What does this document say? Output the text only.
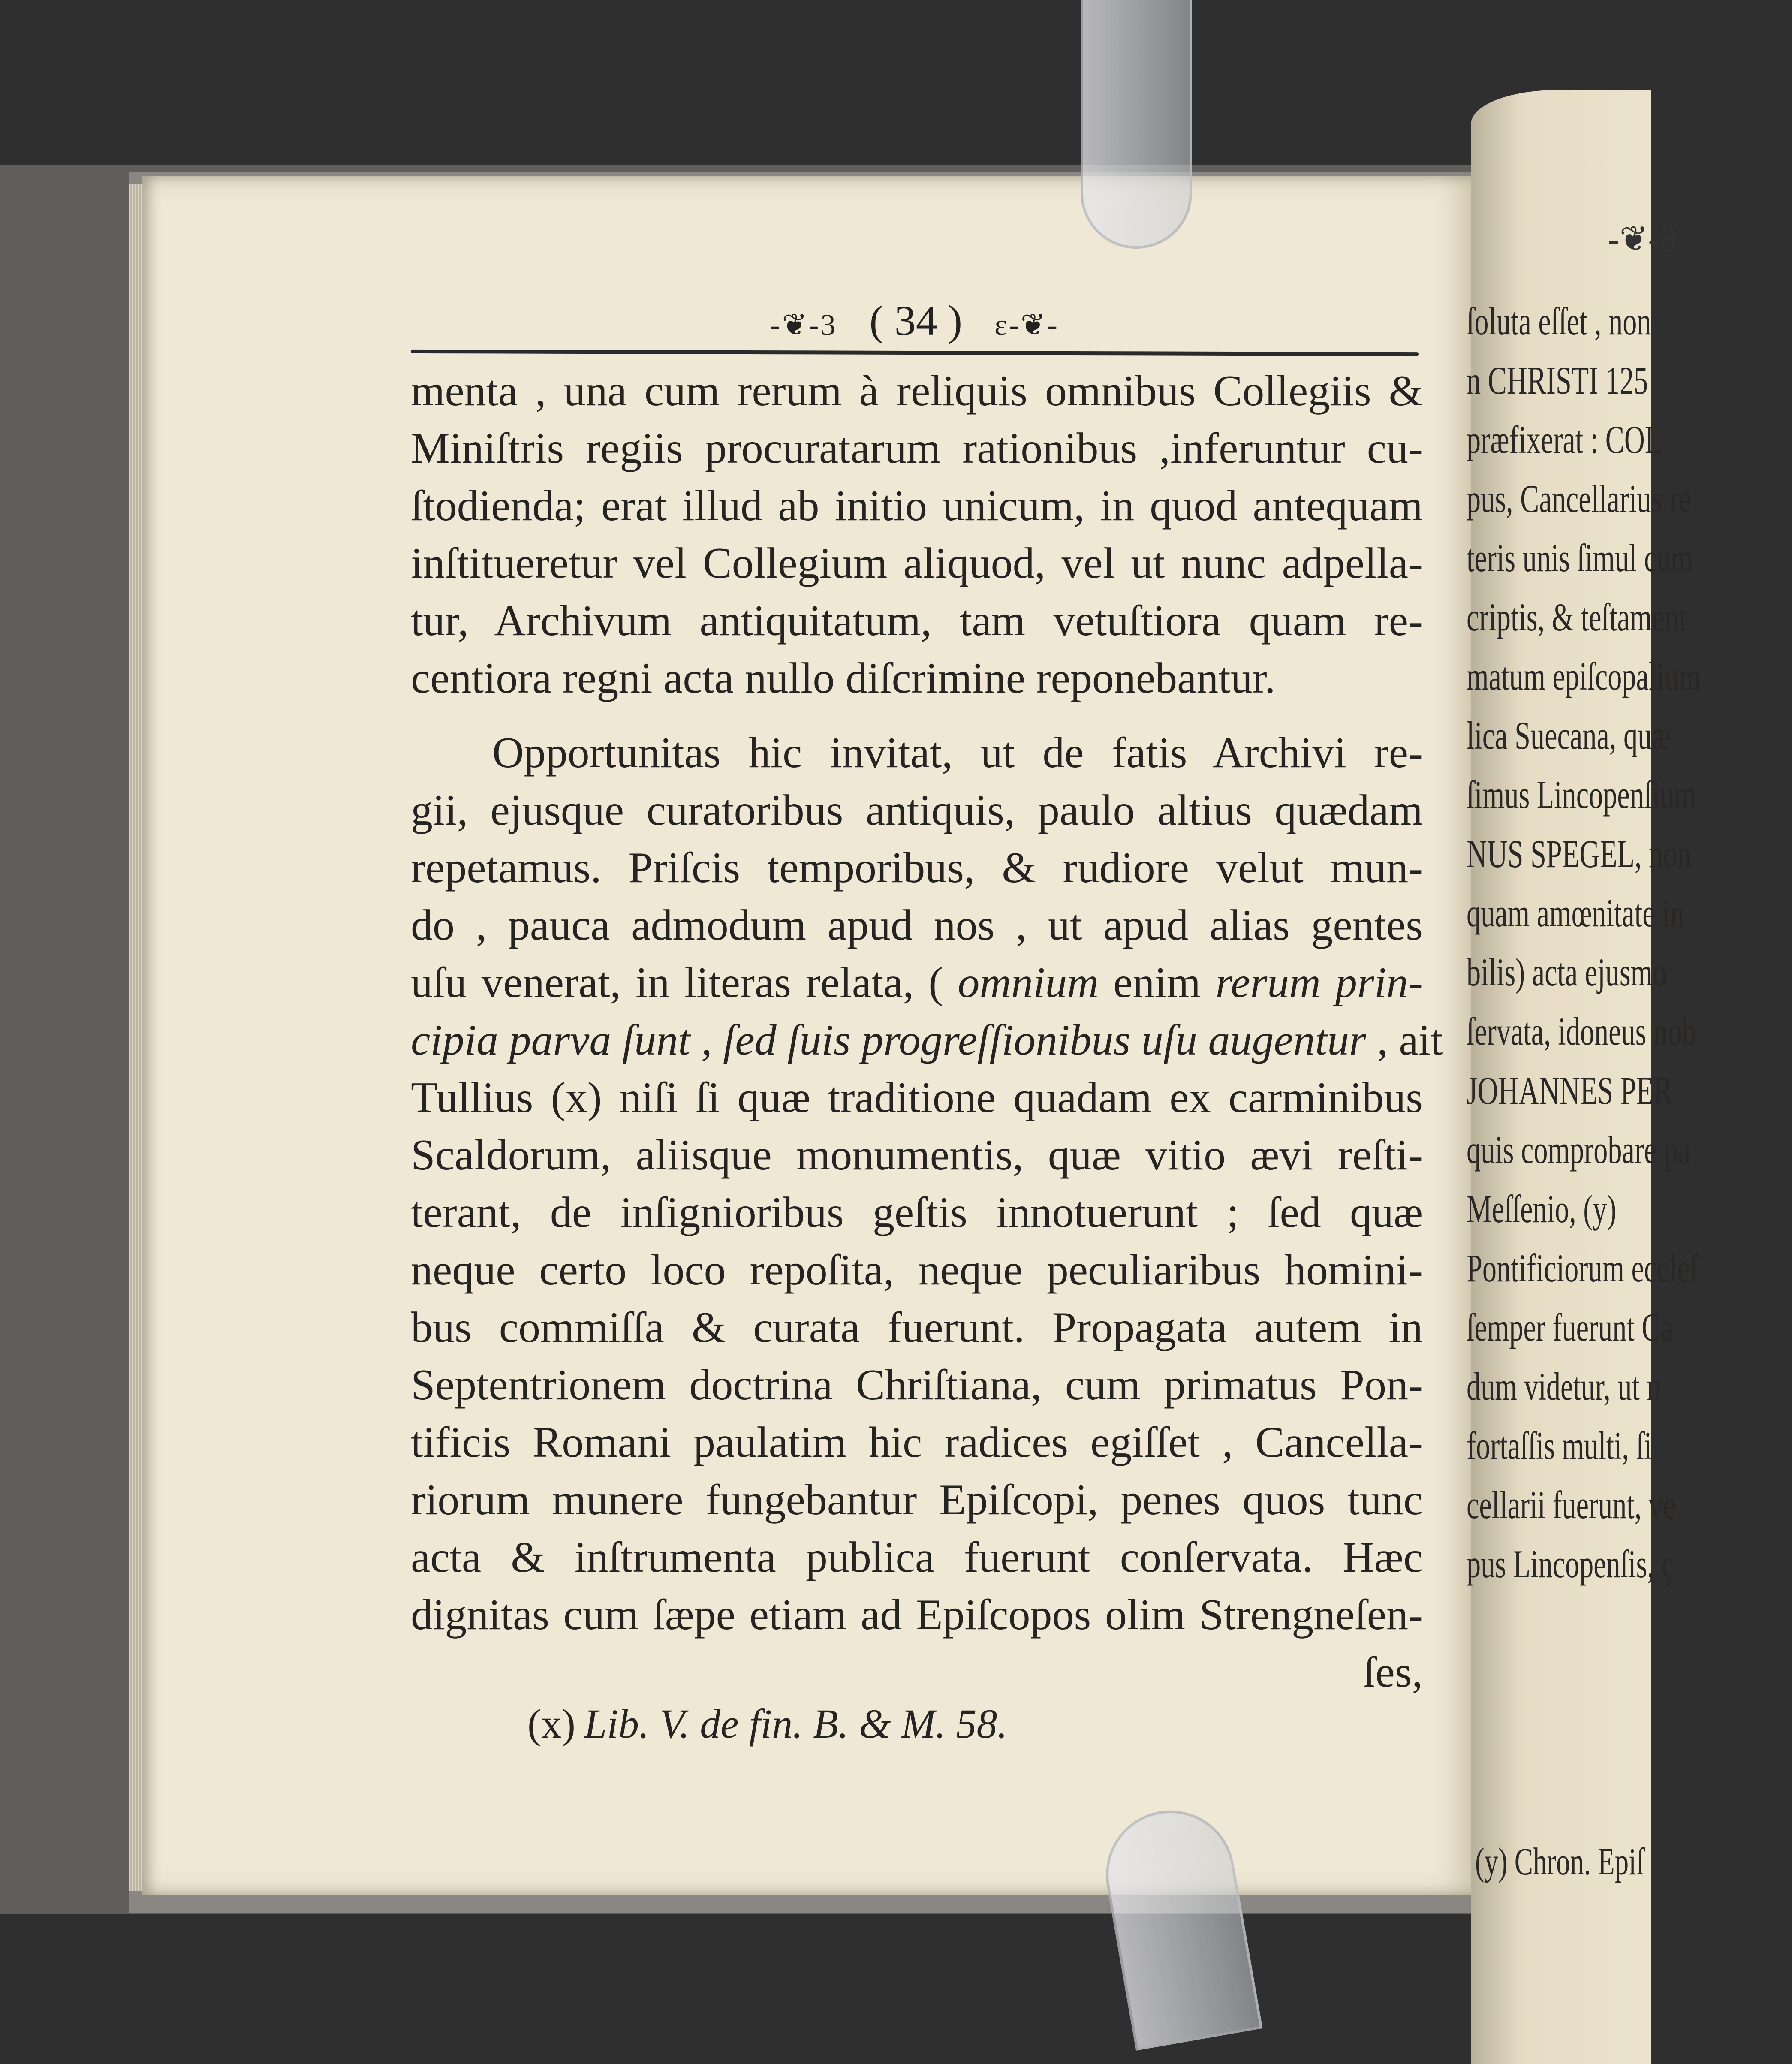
-❦-3 ( 34 ) ɛ-❦-
menta , una cum rerum à reliquis omnibus Collegiis &
Miniſtris regiis procuratarum rationibus ,inferuntur cu-
ſtodienda; erat illud ab initio unicum, in quod antequam
inſtitueretur vel Collegium aliquod, vel ut nunc adpella-
tur, Archivum antiquitatum, tam vetuſtiora quam re-
centiora regni acta nullo diſcrimine reponebantur.
Opportunitas hic invitat, ut de fatis Archivi re-
gii, ejusque curatoribus antiquis, paulo altius quædam
repetamus. Priſcis temporibus, & rudiore velut mun-
do , pauca admodum apud nos , ut apud alias gentes
uſu venerat, in literas relata, ( omnium enim rerum prin-
cipia parva ſunt , ſed ſuis progreſſionibus uſu augentur , ait
Tullius (x) niſi ſi quæ traditione quadam ex carminibus
Scaldorum, aliisque monumentis, quæ vitio ævi reſti-
terant, de inſignioribus geſtis innotuerunt ; ſed quæ
neque certo loco repoſita, neque peculiaribus homini-
bus commiſſa & curata fuerunt. Propagata autem in
Septentrionem doctrina Chriſtiana, cum primatus Pon-
tificis Romani paulatim hic radices egiſſet , Cancella-
riorum munere fungebantur Epiſcopi, penes quos tunc
acta & inſtrumenta publica fuerunt conſervata. Hæc
dignitas cum ſæpe etiam ad Epiſcopos olim Strengneſen-
ſes,
(x) Lib. V. de fin. B. & M. 58.
-❦-3
ſoluta eſſet , non
n CHRISTI 125
præfixerat : COL
pus, Cancellarius re
teris unis ſimul cum
criptis, & teſtament
matum epiſcopalium
lica Suecana, quæ
ſimus Lincopenſium
NUS SPEGEL, non
quam amœnitate in
bilis) acta ejusmo
ſervata, idoneus nob
JOHANNES PER
quis comprobare pa
Meſſenio, (y)
Pontificiorum eccleſ
ſemper fuerunt Ca
dum videtur, ut n
fortaſſis multi, ſi
cellarii fuerunt, ve
pus Lincopenſis, ç
(y) Chron. Epiſ
